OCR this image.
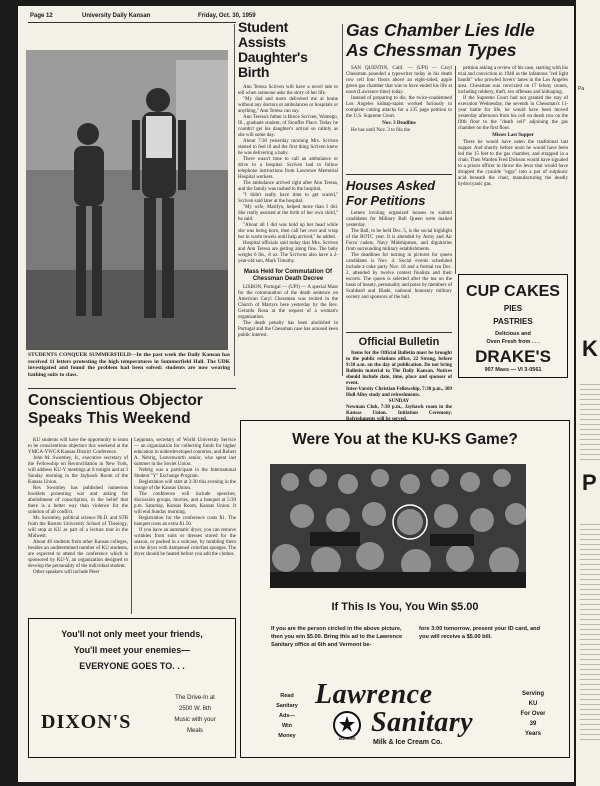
Page 12	University Daily Kansan	Friday, Oct. 30, 1959

STUDENTS CONQUER SUMMERFIELD—In the past week the Daily Kansan has received 11 letters protesting the high temperatures in Summerfield Hall. The UDK investigated and found the problem had been solved: students are now wearing bathing suits to class.

Student Assists Daughter's Birth

Ann Teresa Scriven will have a novel tale to tell when someone asks the story of her life.

"My dad and mom delivered me at home without any doctors or ambulances or hospitals or anything," Ann Teresa can say.

Ann Teresa's father is Bruce Scriven, Wamego, Ill., graduate student, of Stouffer Place. Today he couldn't get his daughter's arrival so calmly as she will some day.

About 7:30 yesterday morning Mrs. Scriven started to feel ill and the first thing Scriven knew he was delivering a baby.

There wasn't time to call an ambulance or drive to a hospital. Scriven had to follow telephone instructions from Lawrence Memorial Hospital workers.

The ambulance arrived right after Ann Teresa, and the family was rushed to the hospital.

"I didn't really have time to get scared," Scriven said later at the hospital.

"My wife, Marilyn, helped more than I did. She really assisted at the birth of her own child," he said.

"About all I did was hold up her head while she was being born, then call her over and wrap her in warm towels until help arrived," he added.

Hospital officials said today that Mrs. Scriven and Ann Teresa are getting along fine. The baby weighs 6 lbs., 8 oz. The Scrivens also have a 2-year-old son, Mark Timothy.

Mass Held for Commutation Of Chessman Death Decree

LISBON, Portugal — (UPI) — A special Mass for the commutation of the death sentence on American Caryl Chessman was recited in the Church of Martyrs here yesterday by the Rev. Gerardo Rosa at the request of a woman's organization.

The death penalty has been abolished in Portugal and the Chessman case has aroused keen public interest.

Gas Chamber Lies Idle
As Chessman Types

SAN QUENTIN, Calif. — (UPI) — Caryl Chessman pounded a typewriter today in his death row cell four floors above an eight-sided, apple green gas chamber that was to have ended his life at noon (Lawrence time) today.

Instead of preparing to die, the twice-condemned Los Angeles kidnap-rapist worked furiously to complete cutting attacks for a 235 page petition to the U.S. Supreme Court.

Nov. 3 Deadline

He has until Nov. 3 to file the

petition asking a review of his case, starting with his trial and conviction in 1948 as the infamous "red light bandit" who prowled lovers' lanes in the Los Angeles area. Chessman was convicted on 17 felony counts, including robbery, theft, sex offenses and kidnaping.

If the Supreme Court had not granted the stay of execution Wednesday, the seventh in Chessman's 11-year battle for life, he would have been moved yesterday afternoon from his cell on death row on the fifth floor to the "death cell" adjoining the gas chamber on the first floor.

Misses Last Supper

There he would have eaten the traditional last supper. And shortly before noon he would have been led the 15 feet to the gas chamber, and strapped in a chair. Then Warden Fred Dickson would have signaled to a prison officer to throw the lever that would have dropped the cyanide "eggs" into a pot of sulphuric acid beneath the chair, manufacturing the deadly hydrocyanic gas.

Houses Asked
For Petitions

Letters inviting organized houses to submit candidates for Military Ball Queen were mailed yesterday.

The Ball, to be held Dec. 5, is the social highlight of the ROTC year. It is attended by Army and Air Force cadets, Navy Midshipmen, and dignitaries from surrounding military establishments.

The deadlines for turning in pictures for queen candidates is Nov. 4. Social events scheduled include a coke party Nov. 18 and a formal tea Dec. 2, attended by twelve contest finalists and their escorts. The queen is selected after the tea on the basis of beauty, personality and poise by members of Scabbard and Blade, national honorary military society and sponsors of the ball.

Official Bulletin

Items for the Official Bulletin must be brought to the public relations office, 22 Strong, before 9:30 a.m. on the day of publication. Do not bring Bulletin material to The Daily Kansan. Notices should include date, time, place and sponsor of event.

Inter-Varsity Christian Fellowship, 7:30 p.m., 309 Hull Alley study and refreshments.

SUNDAY

Newman Club, 7:30 p.m., Jayhawk room in the Kansas Union. Initiation Ceremony.

CUP CAKES
PIES
PASTRIES
Delicious and
Oven Fresh from . . .
DRAKE'S
907 Mass — VI 3-0561
Conscientious Objector
Speaks This Weekend

KU students will have the opportunity to learn to be conscientious objectors this weekend at the YMCA-YWCA Kansas District Conference.

John M. Swomley, Jr., executive secretary of the Fellowship on Reconciliation in New York, will address KU-Y meetings at 8 tonight and at 3 Sunday morning in the Jayhawk Room of the Kansas Union.

Rex Swomley has published numerous booklets protesting war and asking for abolishment of conscription, in the belief that there is a better way than violence for the solution of all conflict.

Mr. Swomley, political science Ph.D. and STB from the Boston University School of Theology, will stop at KU as part of a lecture tour in the Midwest.

About 40 students from other Kansas colleges, besides an undetermined number of KU students, are expected to attend the conference which is sponsored by KU-Y, an organization designed to develop the personality of the individual student.

Other speakers will include Peter

Leppman, secretary of World University Service — an organization for collecting funds for higher education in underdeveloped countries, and Robert A. Nebrig, Leavenworth senior, who spent last summer in the Soviet Union.

Nebrig was a participant in the International Student "Y" Exchange Program.

Registration will start at 3:30 this evening in the lounge of the Kansas Union.

The conference will include speeches, discussion groups, movies, and a banquet at 5:30 p.m. Saturday, Kansas Room, Kansas Union. It will end Sunday morning.

Registration for the conference costs $1. The banquet costs an extra $1.50.

If you have an automatic dryer, you can remove wrinkles from suits or dresses stored for the season, or packed in a suitcase, by tumbling them in the dryer with dampened colorfast sponges. The dryer should be heated before you add the clothes.

You'll not only meet your friends,
You'll meet your enemies—
EVERYONE GOES TO. . .
DIXON'S
The Drive-In at
2500 W. 6th
Music with your
Meals
Were You at the KU-KS Game?
If This Is You, You Win $5.00

If you are the person circled in the above picture, then you win $5.00. Bring this ad to the Lawrence Sanitary office at 6th and Vermont be-

fore 3:00 tomorrow, present your ID card, and you will receive a $5.00 bill.

Read
Sanitary
Ads—
Win
Money
Lawrence
Sanitary
ALL STAR	Milk & Ice Cream Co.
Serving
KU
For Over
39
Years
Pa
K
P
